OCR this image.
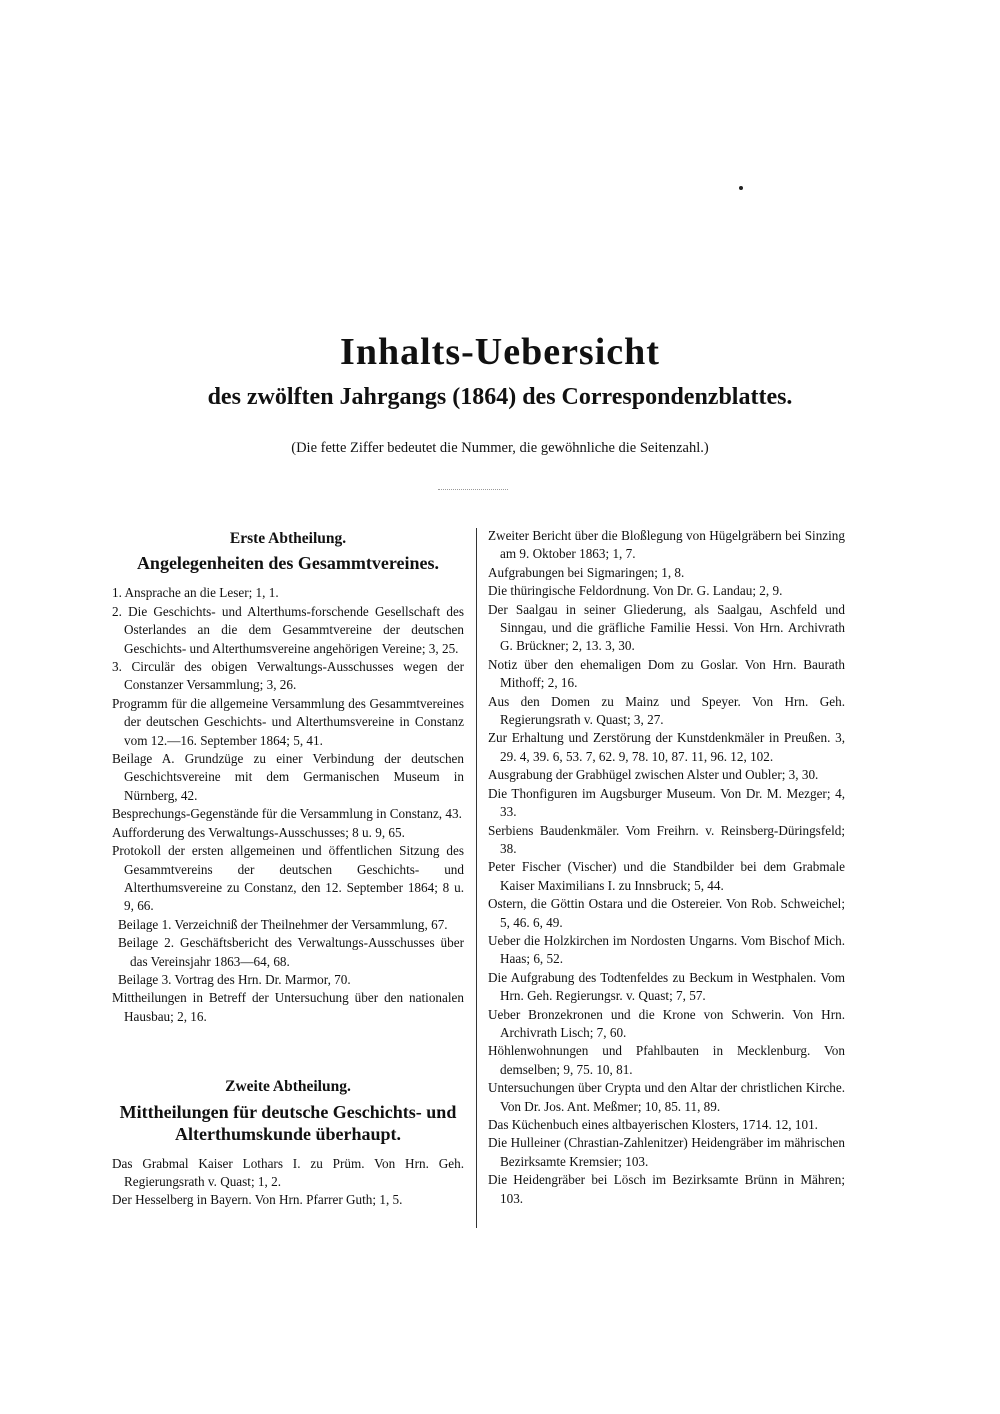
Inhalts-Uebersicht
des zwölften Jahrgangs (1864) des Correspondenzblattes.
(Die fette Ziffer bedeutet die Nummer, die gewöhnliche die Seitenzahl.)

Erste Abtheilung.

Angelegenheiten des Gesammtvereines.

1. Ansprache an die Leser; 1, 1.

2. Die Geschichts- und Alterthums-forschende Gesellschaft des Osterlandes an die dem Gesammtvereine der deutschen Geschichts- und Alterthumsvereine angehörigen Vereine; 3, 25.

3. Circulär des obigen Verwaltungs-Ausschusses wegen der Constanzer Versammlung; 3, 26.

Programm für die allgemeine Versammlung des Gesammtvereines der deutschen Geschichts- und Alterthumsvereine in Constanz vom 12.—16. September 1864; 5, 41.

Beilage A. Grundzüge zu einer Verbindung der deutschen Geschichtsvereine mit dem Germanischen Museum in Nürnberg, 42.

Besprechungs-Gegenstände für die Versammlung in Constanz, 43.

Aufforderung des Verwaltungs-Ausschusses; 8 u. 9, 65.

Protokoll der ersten allgemeinen und öffentlichen Sitzung des Gesammtvereins der deutschen Geschichts- und Alterthumsvereine zu Constanz, den 12. September 1864; 8 u. 9, 66.

Beilage 1. Verzeichniß der Theilnehmer der Versammlung, 67.

Beilage 2. Geschäftsbericht des Verwaltungs-Ausschusses über das Vereinsjahr 1863—64, 68.

Beilage 3. Vortrag des Hrn. Dr. Marmor, 70.

Mittheilungen in Betreff der Untersuchung über den nationalen Hausbau; 2, 16.

Zweite Abtheilung.

Mittheilungen für deutsche Geschichts- und Alterthumskunde überhaupt.

Das Grabmal Kaiser Lothars I. zu Prüm. Von Hrn. Geh. Regierungsrath v. Quast; 1, 2.

Der Hesselberg in Bayern. Von Hrn. Pfarrer Guth; 1, 5.

Zweiter Bericht über die Bloßlegung von Hügelgräbern bei Sinzing am 9. Oktober 1863; 1, 7.

Aufgrabungen bei Sigmaringen; 1, 8.

Die thüringische Feldordnung. Von Dr. G. Landau; 2, 9.

Der Saalgau in seiner Gliederung, als Saalgau, Aschfeld und Sinngau, und die gräfliche Familie Hessi. Von Hrn. Archivrath G. Brückner; 2, 13. 3, 30.

Notiz über den ehemaligen Dom zu Goslar. Von Hrn. Baurath Mithoff; 2, 16.

Aus den Domen zu Mainz und Speyer. Von Hrn. Geh. Regierungsrath v. Quast; 3, 27.

Zur Erhaltung und Zerstörung der Kunstdenkmäler in Preußen. 3, 29. 4, 39. 6, 53. 7, 62. 9, 78. 10, 87. 11, 96. 12, 102.

Ausgrabung der Grabhügel zwischen Alster und Oubler; 3, 30.

Die Thonfiguren im Augsburger Museum. Von Dr. M. Mezger; 4, 33.

Serbiens Baudenkmäler. Vom Freihrn. v. Reinsberg-Düringsfeld; 38.

Peter Fischer (Vischer) und die Standbilder bei dem Grabmale Kaiser Maximilians I. zu Innsbruck; 5, 44.

Ostern, die Göttin Ostara und die Ostereier. Von Rob. Schweichel; 5, 46. 6, 49.

Ueber die Holzkirchen im Nordosten Ungarns. Vom Bischof Mich. Haas; 6, 52.

Die Aufgrabung des Todtenfeldes zu Beckum in Westphalen. Vom Hrn. Geh. Regierungsr. v. Quast; 7, 57.

Ueber Bronzekronen und die Krone von Schwerin. Von Hrn. Archivrath Lisch; 7, 60.

Höhlenwohnungen und Pfahlbauten in Mecklenburg. Von demselben; 9, 75. 10, 81.

Untersuchungen über Crypta und den Altar der christlichen Kirche. Von Dr. Jos. Ant. Meßmer; 10, 85. 11, 89.

Das Küchenbuch eines altbayerischen Klosters, 1714. 12, 101.

Die Hulleiner (Chrastian-Zahlenitzer) Heidengräber im mährischen Bezirksamte Kremsier; 103.

Die Heidengräber bei Lösch im Bezirksamte Brünn in Mähren; 103.
